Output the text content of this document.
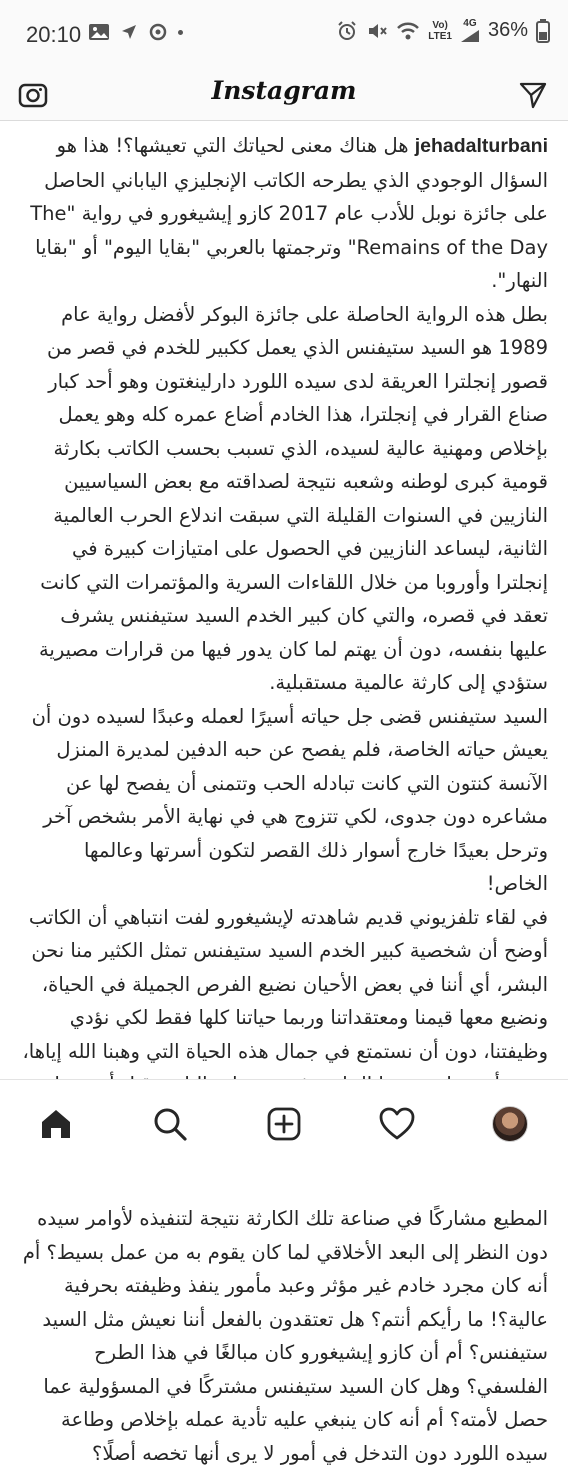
20:10	Vo)
LTE1
4G 36%
Instagram

jehadalturbani هل هناك معنى لحياتك التي تعيشها؟! هذا هو السؤال الوجودي الذي يطرحه الكاتب الإنجليزي الياباني الحاصل على جائزة نوبل للأدب عام 2017 كازو إيشيغورو في رواية "The Remains of the Day" وترجمتها بالعربي "بقايا اليوم" أو "بقايا النهار".

بطل هذه الرواية الحاصلة على جائزة البوكر لأفضل رواية عام 1989 هو السيد ستيفنس الذي يعمل ككبير للخدم في قصر من قصور إنجلترا العريقة لدى سيده اللورد دارلينغتون وهو أحد كبار صناع القرار في إنجلترا، هذا الخادم أضاع عمره كله وهو يعمل بإخلاص ومهنية عالية لسيده، الذي تسبب بحسب الكاتب بكارثة قومية كبرى لوطنه وشعبه نتيجة لصداقته مع بعض السياسيين النازيين في السنوات القليلة التي سبقت اندلاع الحرب العالمية الثانية، ليساعد النازيين في الحصول على امتيازات كبيرة في إنجلترا وأوروبا من خلال اللقاءات السرية والمؤتمرات التي كانت تعقد في قصره، والتي كان كبير الخدم السيد ستيفنس يشرف عليها بنفسه، دون أن يهتم لما كان يدور فيها من قرارات مصيرية ستؤدي إلى كارثة عالمية مستقبلية.

السيد ستيفنس قضى جل حياته أسيرًا لعمله وعبدًا لسيده دون أن يعيش حياته الخاصة، فلم يفصح عن حبه الدفين لمديرة المنزل الآنسة كنتون التي كانت تبادله الحب وتتمنى أن يفصح لها عن مشاعره دون جدوى، لكي تتزوج هي في نهاية الأمر بشخص آخر وترحل بعيدًا خارج أسوار ذلك القصر لتكون أسرتها وعالمها الخاص!

في لقاء تلفزيوني قديم شاهدته لإيشيغورو لفت انتباهي أن الكاتب أوضح أن شخصية كبير الخدم السيد ستيفنس تمثل الكثير منا نحن البشر، أي أننا في بعض الأحيان نضيع الفرص الجميلة في الحياة، ونضيع معها قيمنا ومعتقداتنا وربما حياتنا كلها فقط لكي نؤدي وظيفتنا، دون أن نستمتع في جمال هذه الحياة التي وهبنا الله إياها،

المطيع مشاركًا في صناعة تلك الكارثة نتيجة لتنفيذه لأوامر سيده دون النظر إلى البعد الأخلاقي لما كان يقوم به من عمل بسيط؟ أم أنه كان مجرد خادم غير مؤثر وعبد مأمور ينفذ وظيفته بحرفية عالية؟! ما رأيكم أنتم؟ هل تعتقدون بالفعل أننا نعيش مثل السيد ستيفنس؟ أم أن كازو إيشيغورو كان مبالغًا في هذا الطرح الفلسفي؟ وهل كان السيد ستيفنس مشتركًا في المسؤولية عما حصل لأمته؟ أم أنه كان ينبغي عليه تأدية عمله بإخلاص وطاعة سيده اللورد دون التدخل في أمور لا يرى أنها تخصه أصلًا؟
